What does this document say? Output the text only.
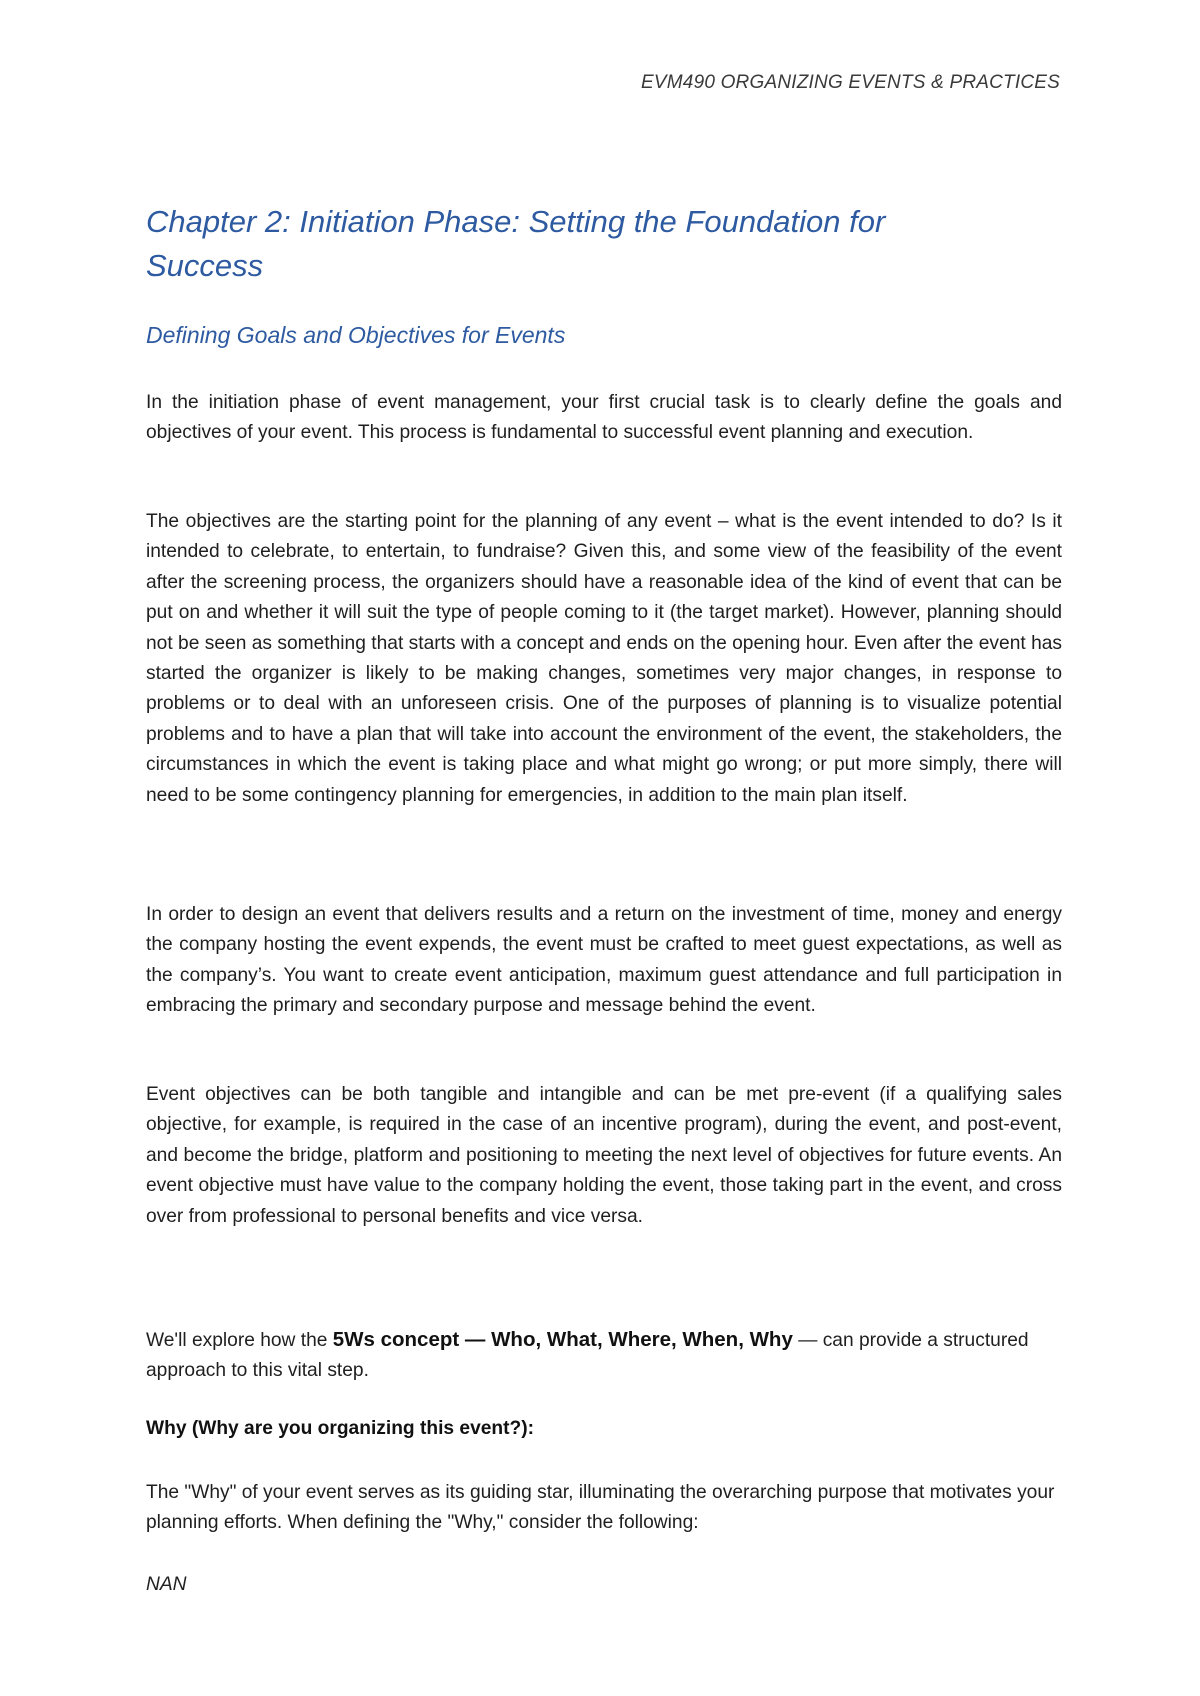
EVM490 ORGANIZING EVENTS & PRACTICES
Chapter 2: Initiation Phase: Setting the Foundation for Success
Defining Goals and Objectives for Events

In the initiation phase of event management, your first crucial task is to clearly define the goals and objectives of your event. This process is fundamental to successful event planning and execution.

The objectives are the starting point for the planning of any event – what is the event intended to do? Is it intended to celebrate, to entertain, to fundraise? Given this, and some view of the feasibility of the event after the screening process, the organizers should have a reasonable idea of the kind of event that can be put on and whether it will suit the type of people coming to it (the target market). However, planning should not be seen as something that starts with a concept and ends on the opening hour. Even after the event has started the organizer is likely to be making changes, sometimes very major changes, in response to problems or to deal with an unforeseen crisis. One of the purposes of planning is to visualize potential problems and to have a plan that will take into account the environment of the event, the stakeholders, the circumstances in which the event is taking place and what might go wrong; or put more simply, there will need to be some contingency planning for emergencies, in addition to the main plan itself.

In order to design an event that delivers results and a return on the investment of time, money and energy the company hosting the event expends, the event must be crafted to meet guest expectations, as well as the company’s. You want to create event anticipation, maximum guest attendance and full participation in embracing the primary and secondary purpose and message behind the event.

Event objectives can be both tangible and intangible and can be met pre-event (if a qualifying sales objective, for example, is required in the case of an incentive program), during the event, and post-event, and become the bridge, platform and positioning to meeting the next level of objectives for future events. An event objective must have value to the company holding the event, those taking part in the event, and cross over from professional to personal benefits and vice versa.

We'll explore how the 5Ws concept — Who, What, Where, When, Why — can provide a structured approach to this vital step.

Why (Why are you organizing this event?):

The "Why" of your event serves as its guiding star, illuminating the overarching purpose that motivates your planning efforts. When defining the "Why," consider the following:

NAN
